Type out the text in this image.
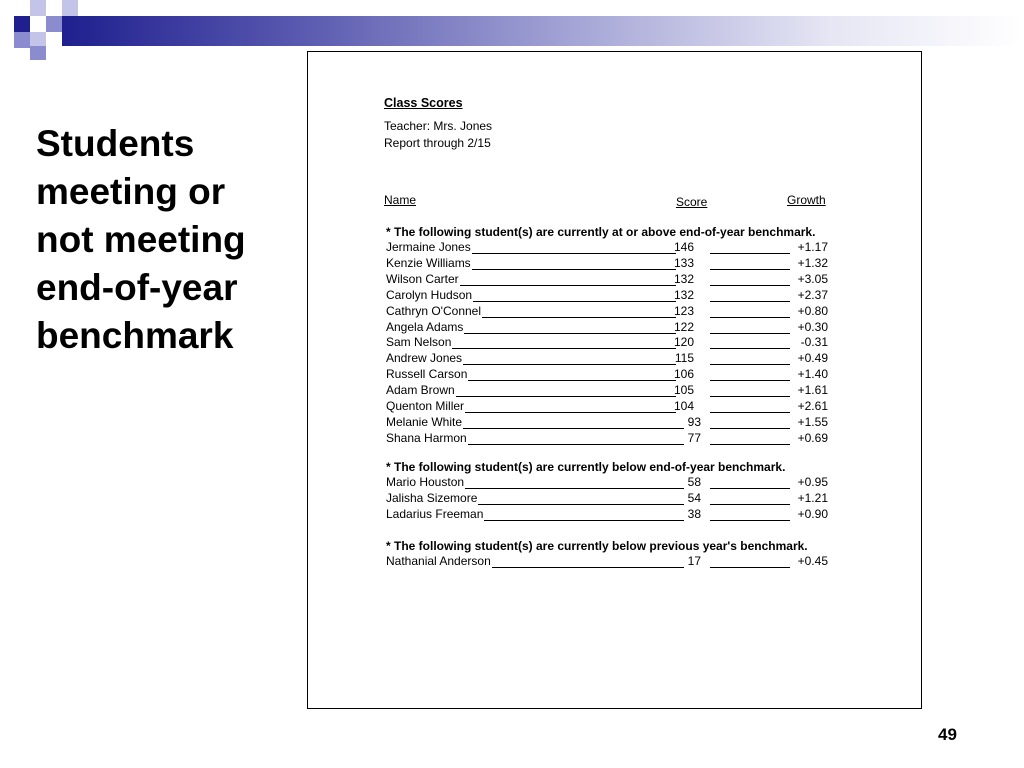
Students
meeting or
not meeting
end-of-year
benchmark
Class Scores
Teacher: Mrs. Jones
Report through 2/15
Name	Score	Growth
* The following student(s) are currently at or above end-of-year benchmark.
Jermaine Jones	146	+1.17
Kenzie Williams	133	+1.32
Wilson Carter	132	+3.05
Carolyn Hudson	132	+2.37
Cathryn O'Connel	123	+0.80
Angela Adams	122	+0.30
Sam Nelson	120	-0.31
Andrew Jones	115	+0.49
Russell Carson	106	+1.40
Adam Brown	105	+1.61
Quenton Miller	104	+2.61
Melanie White	93	+1.55
Shana Harmon	77	+0.69
* The following student(s) are currently below end-of-year benchmark.
Mario Houston	58	+0.95
Jalisha Sizemore	54	+1.21
Ladarius Freeman	38	+0.90
* The following student(s) are currently below previous year's benchmark.
Nathanial Anderson	17	+0.45
49
